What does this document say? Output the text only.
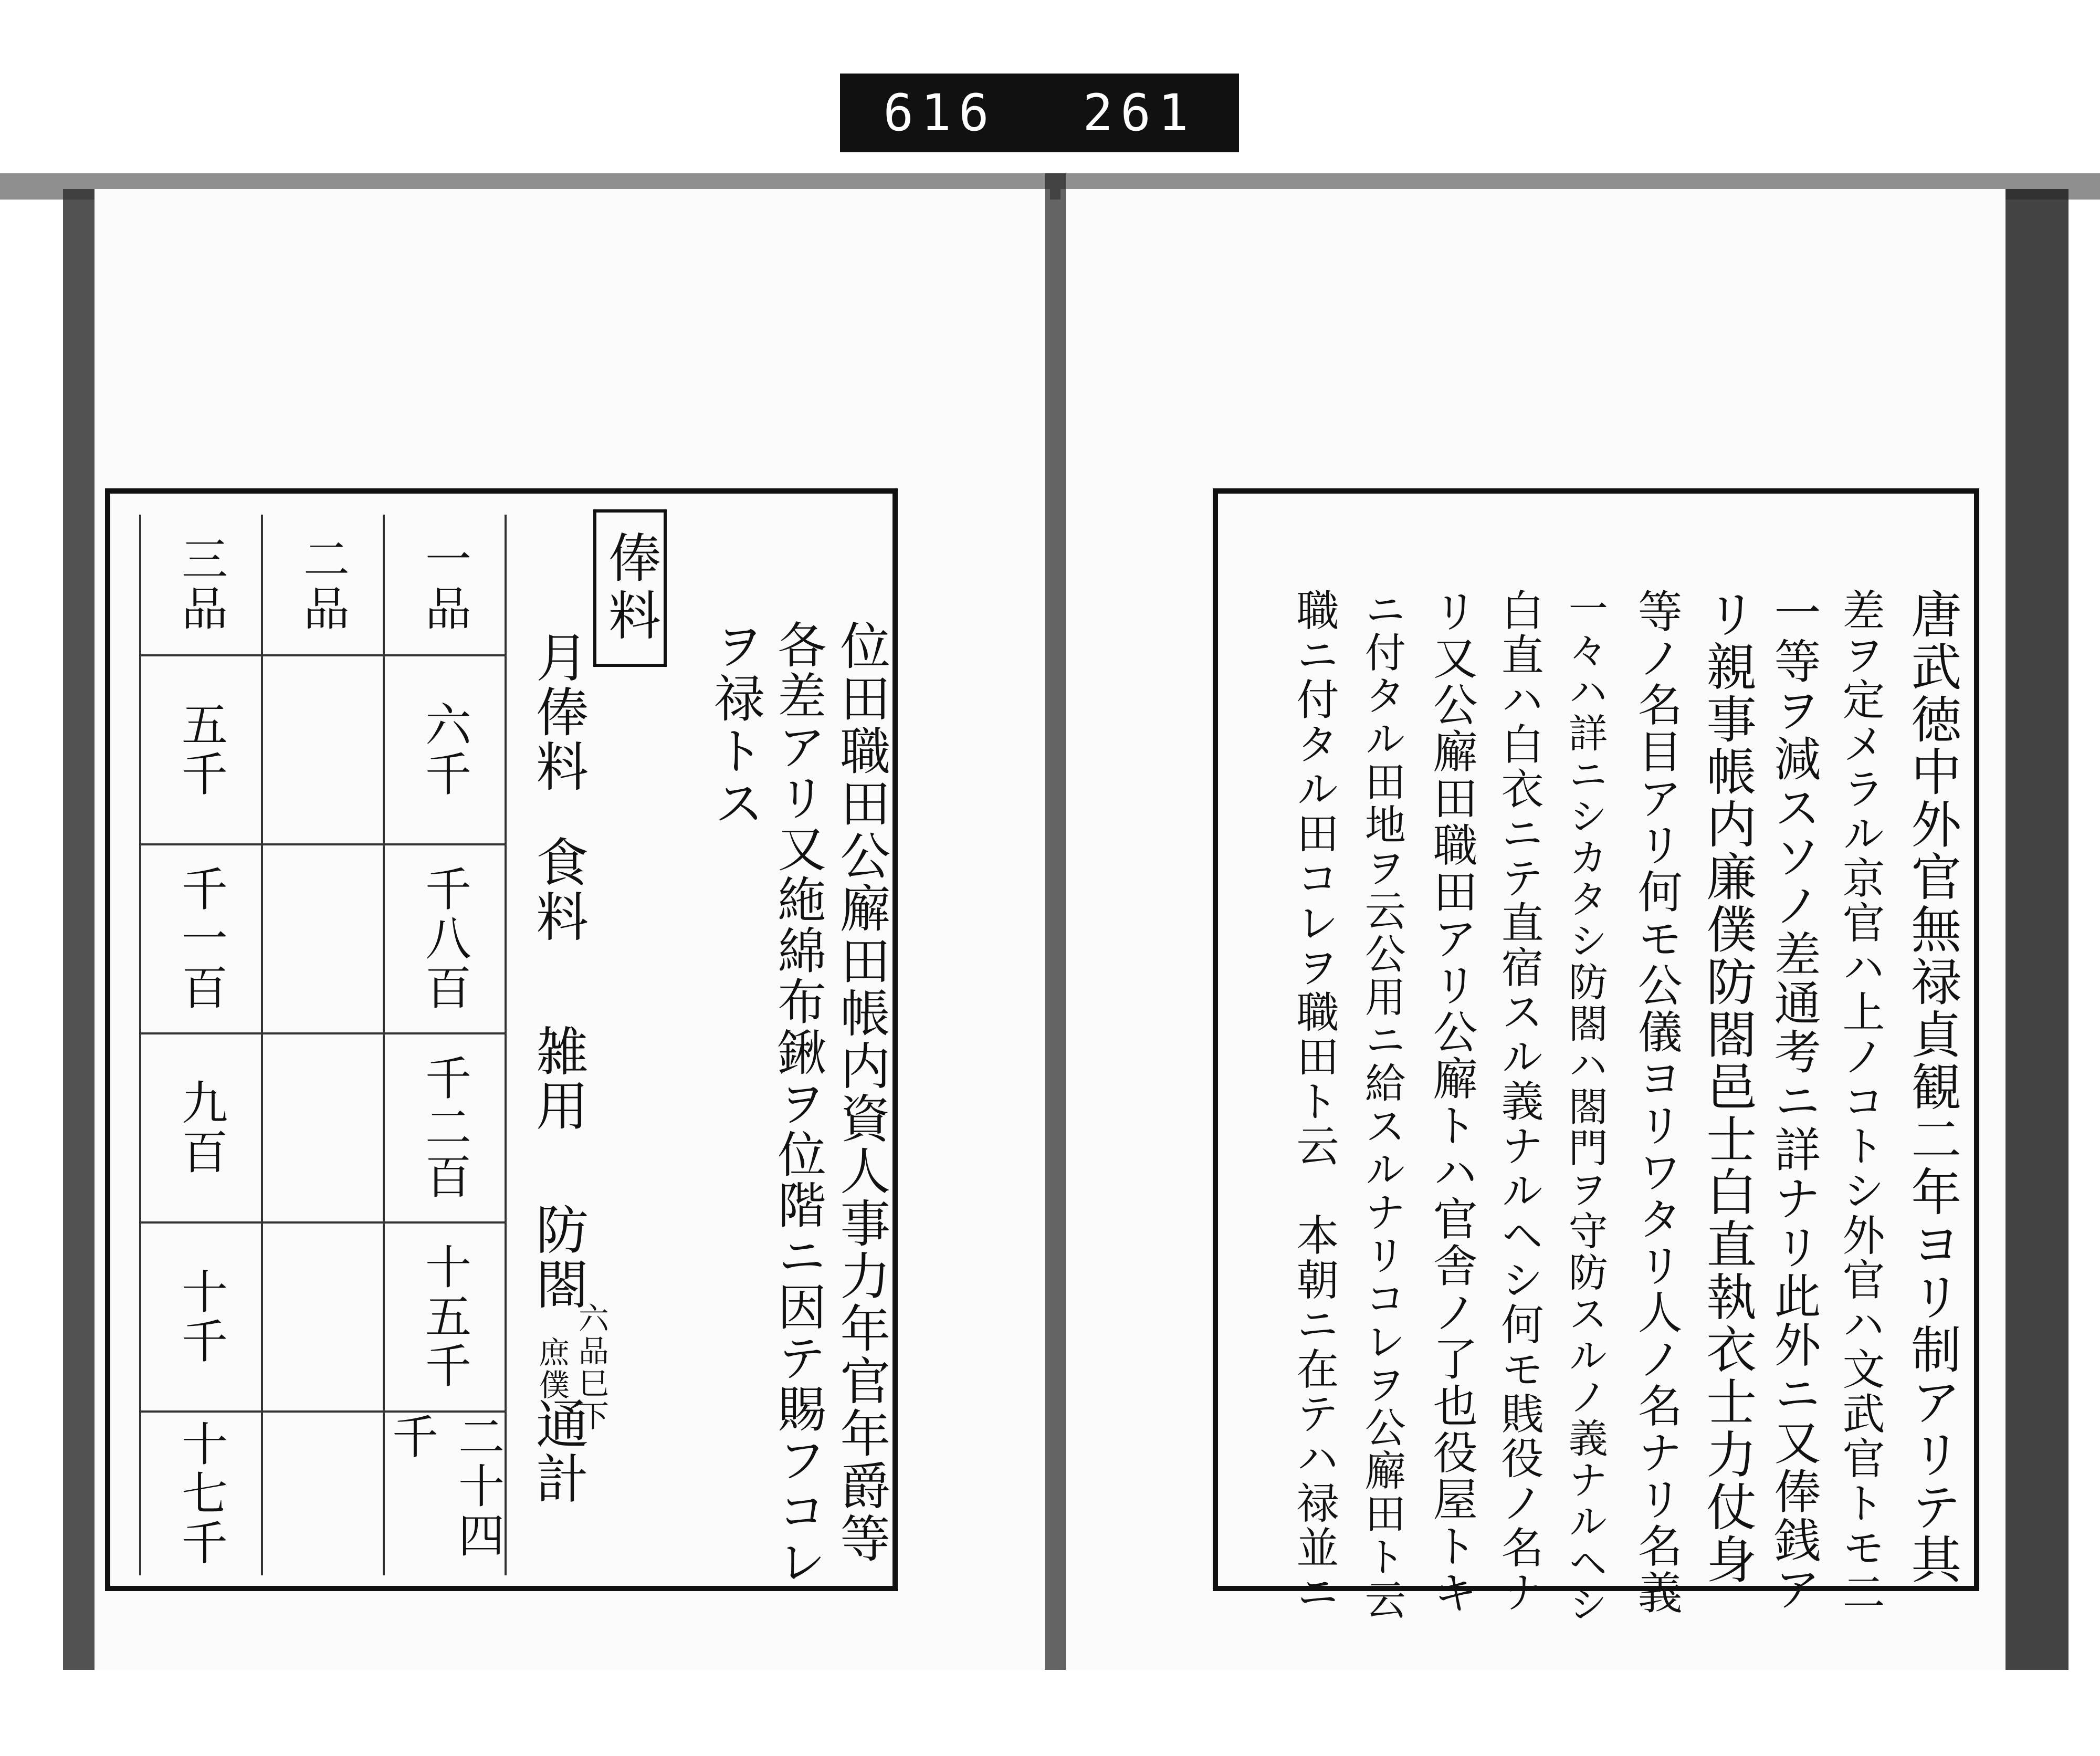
616 261
唐武徳中外官無禄貞観二年ヨリ制アリテ其
差ヲ定メラル京官ハ上ノコトシ外官ハ文武官トモ二
一等ヲ減スソノ差通考ニ詳ナリ此外ニ又俸銭ア
リ親事帳内廉僕防閤邑士白直執衣士力仗身
等ノ名目アリ何モ公儀ヨリワタリ人ノ名ナリ名義
一々ハ詳ニシカタシ防閤ハ閤門ヲ守防スルノ義ナルヘシ
白直ハ白衣ニテ直宿スル義ナルヘシ何モ賎役ノ名ナ
リ又公廨田職田アリ公廨トハ官舎ノ了也役屋トキ
ニ付タル田地ヲ云公用ニ給スルナリコレヲ公廨田ト云
職ニ付タル田コレヲ職田ト云　本朝ニ在テハ禄並ニ
位田職田公廨田帳内資人事力年官年爵等
各差アリ又絁綿布鍬ヲ位階ニ因テ賜フコレ
ヲ禄トス
俸料
月俸料
食料
雑用
防閤
通計
六品巳下
庶僕
一品
六千
千八百
千二百
十五千
二十四千
二品
三品
五千
千一百
九百
十千
十七千
